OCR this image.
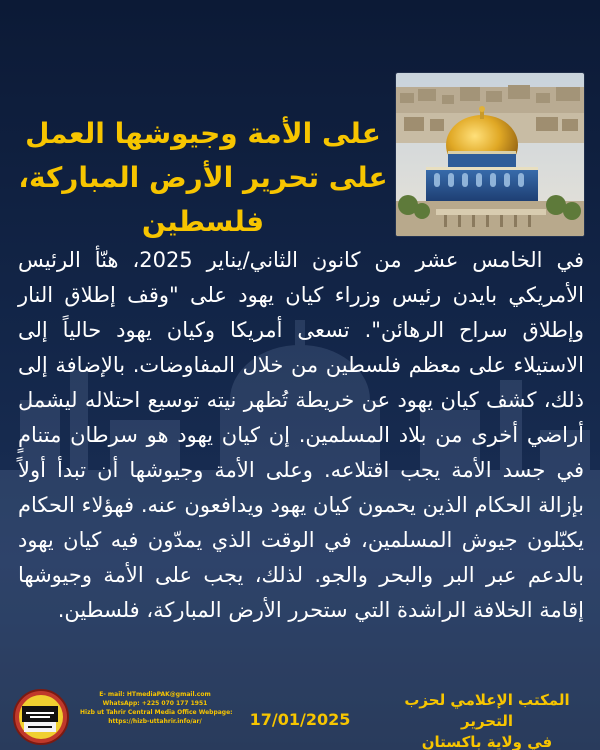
على الأمة وجيوشها العمل على تحرير الأرض المباركة، فلسطين
في الخامس عشر من كانون الثاني/يناير 2025، هنّأ الرئيس الأمريكي بايدن رئيس وزراء كيان يهود على "وقف إطلاق النار وإطلاق سراح الرهائن". تسعى أمريكا وكيان يهود حالياً إلى الاستيلاء على معظم فلسطين من خلال المفاوضات. بالإضافة إلى ذلك، كشف كيان يهود عن خريطة تُظهر نيته توسيع احتلاله ليشمل أراضي أخرى من بلاد المسلمين. إن كيان يهود هو سرطان متنامٍ في جسد الأمة يجب اقتلاعه. وعلى الأمة وجيوشها أن تبدأ أولاً بإزالة الحكام الذين يحمون كيان يهود ويدافعون عنه. فهؤلاء الحكام يكبّلون جيوش المسلمين، في الوقت الذي يمدّون فيه كيان يهود بالدعم عبر البر والبحر والجو. لذلك، يجب على الأمة وجيوشها إقامة الخلافة الراشدة التي ستحرر الأرض المباركة، فلسطين.
المكتب الإعلامي لحزب التحرير
في ولاية باكستان
17/01/2025
E- mail: HTmediaPAK@gmail.com
WhatsApp: +225 070 177 1951
Hizb ut Tahrir Central Media Office Webpage:
https://hizb-uttahrir.info/ar/
